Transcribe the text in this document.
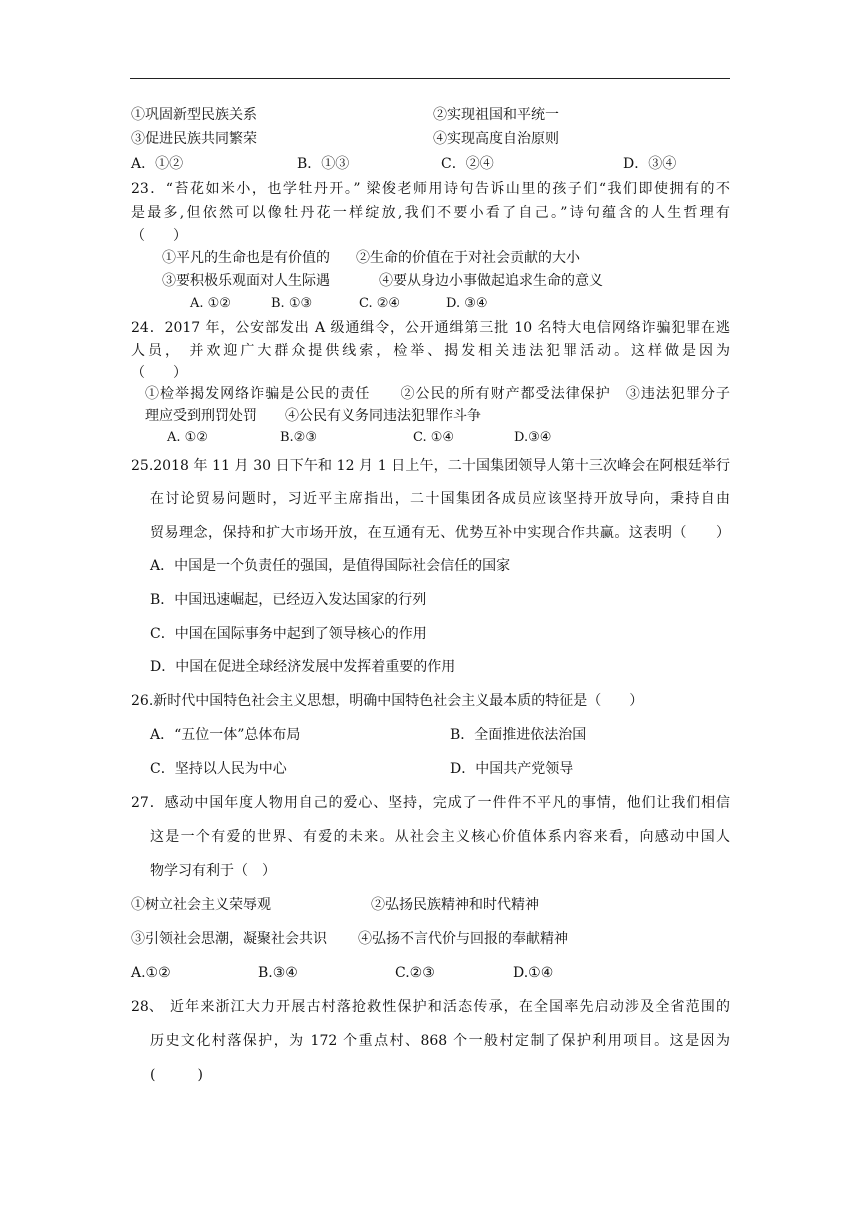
①巩固新型民族关系	②实现祖国和平统一
③促进民族共同繁荣	④实现高度自治原则
A．①②	B．①③	C．②④	D．③④
23．“苔花如米小，也学牡丹开。” 梁俊老师用诗句告诉山里的孩子们“我们即使拥有的不
是最多,但依然可以像牡丹花一样绽放,我们不要小看了自己。”诗句蕴含的人生哲理有
（　　）
①平凡的生命也是有价值的 ②生命的价值在于对社会贡献的大小
③要积极乐观面对人生际遇	④要从身边小事做起追求生命的意义
A. ①②	B. ①③	C. ②④	D. ③④
24．2017 年，公安部发出 A 级通缉令，公开通缉第三批 10 名特大电信网络诈骗犯罪在逃
人员， 并欢迎广大群众提供线索，检举、揭发相关违法犯罪活动。这样做是因为
（　　）
①检举揭发网络诈骗是公民的责任　　②公民的所有财产都受法律保护　③违法犯罪分子
理应受到刑罚处罚　　④公民有义务同违法犯罪作斗争
A. ①②	B.②③	C. ①④	D.③④
25.2018 年 11 月 30 日下午和 12 月 1 日上午，二十国集团领导人第十三次峰会在阿根廷举行
在讨论贸易问题时，习近平主席指出，二十国集团各成员应该坚持开放导向，秉持自由
贸易理念，保持和扩大市场开放，在互通有无、优势互补中实现合作共赢。这表明（　　）
A．中国是一个负责任的强国，是值得国际社会信任的国家
B．中国迅速崛起，已经迈入发达国家的行列
C．中国在国际事务中起到了领导核心的作用
D．中国在促进全球经济发展中发挥着重要的作用
26.新时代中国特色社会主义思想，明确中国特色社会主义最本质的特征是（　　）
A．“五位一体”总体布局	B．全面推进依法治国
C．坚持以人民为中心	D．中国共产党领导
27．感动中国年度人物用自己的爱心、坚持，完成了一件件不平凡的事情，他们让我们相信
这是一个有爱的世界、有爱的未来。从社会主义核心价值体系内容来看，向感动中国人
物学习有利于（　）
①树立社会主义荣辱观	②弘扬民族精神和时代精神
③引领社会思潮，凝聚社会共识 ④弘扬不言代价与回报的奉献精神
A.①②	B.③④	C.②③	D.①④
28、 近年来浙江大力开展古村落抢救性保护和活态传承，在全国率先启动涉及全省范围的
历史文化村落保护，为 172 个重点村、868 个一般村定制了保护利用项目。这是因为
(　　　)
